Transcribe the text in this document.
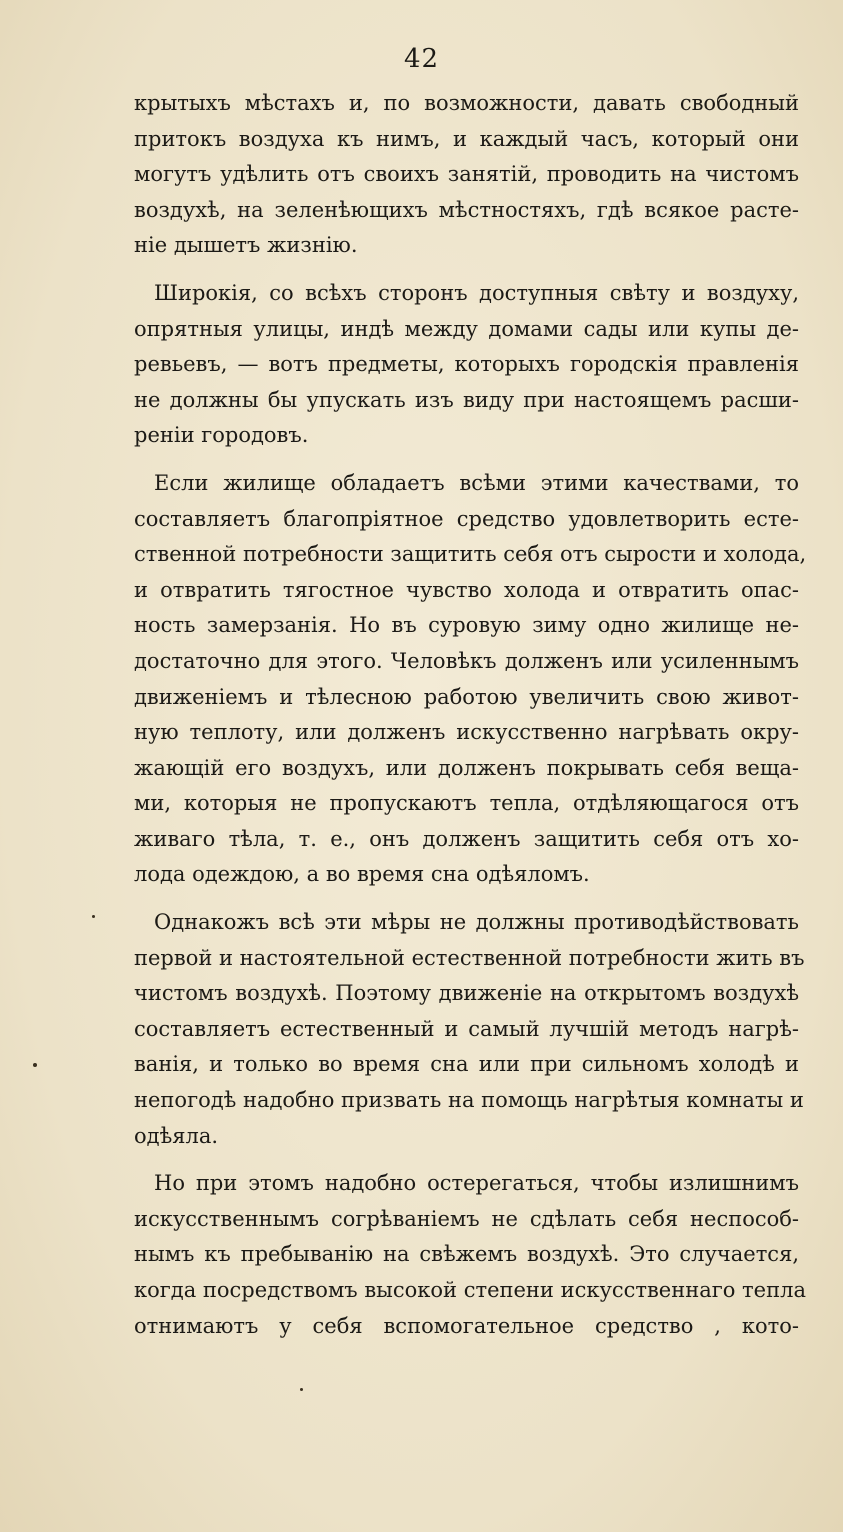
42
крытыхъ мѣстахъ и, по возможности, давать свободный
притокъ воздуха къ нимъ, и каждый часъ, который они
могутъ удѣлить отъ своихъ занятій, проводить на чистомъ
воздухѣ, на зеленѣющихъ мѣстностяхъ, гдѣ всякое расте-
ніе дышетъ жизнію.
Широкія, со всѣхъ сторонъ доступныя свѣту и воздуху,
опрятныя улицы, индѣ между домами сады или купы де-
ревьевъ, — вотъ предметы, которыхъ городскія правленія
не должны бы упускать изъ виду при настоящемъ расши-
реніи городовъ.
Если жилище обладаетъ всѣми этими качествами, то
составляетъ благопріятное средство удовлетворить есте-
ственной потребности защитить себя отъ сырости и холода,
и отвратить тягостное чувство холода и отвратить опас-
ность замерзанія. Но въ суровую зиму одно жилище не-
достаточно для этого. Человѣкъ долженъ или усиленнымъ
движеніемъ и тѣлесною работою увеличить свою живот-
ную теплоту, или долженъ искусственно нагрѣвать окру-
жающій его воздухъ, или долженъ покрывать себя веща-
ми, которыя не пропускаютъ тепла, отдѣляющагося отъ
живаго тѣла, т. е., онъ долженъ защитить себя отъ хо-
лода одеждою, а во время сна одѣяломъ.
Однакожъ всѣ эти мѣры не должны противодѣйствовать
первой и настоятельной естественной потребности жить въ
чистомъ воздухѣ. Поэтому движеніе на открытомъ воздухѣ
составляетъ естественный и самый лучшій методъ нагрѣ-
ванія, и только во время сна или при сильномъ холодѣ и
непогодѣ надобно призвать на помощь нагрѣтыя комнаты и
одѣяла.
Но при этомъ надобно остерегаться, чтобы излишнимъ
искусственнымъ согрѣваніемъ не сдѣлать себя неспособ-
нымъ къ пребыванію на свѣжемъ воздухѣ. Это случается,
когда посредствомъ высокой степени искусственнаго тепла
отнимаютъ у себя вспомогательное средство , кото-
